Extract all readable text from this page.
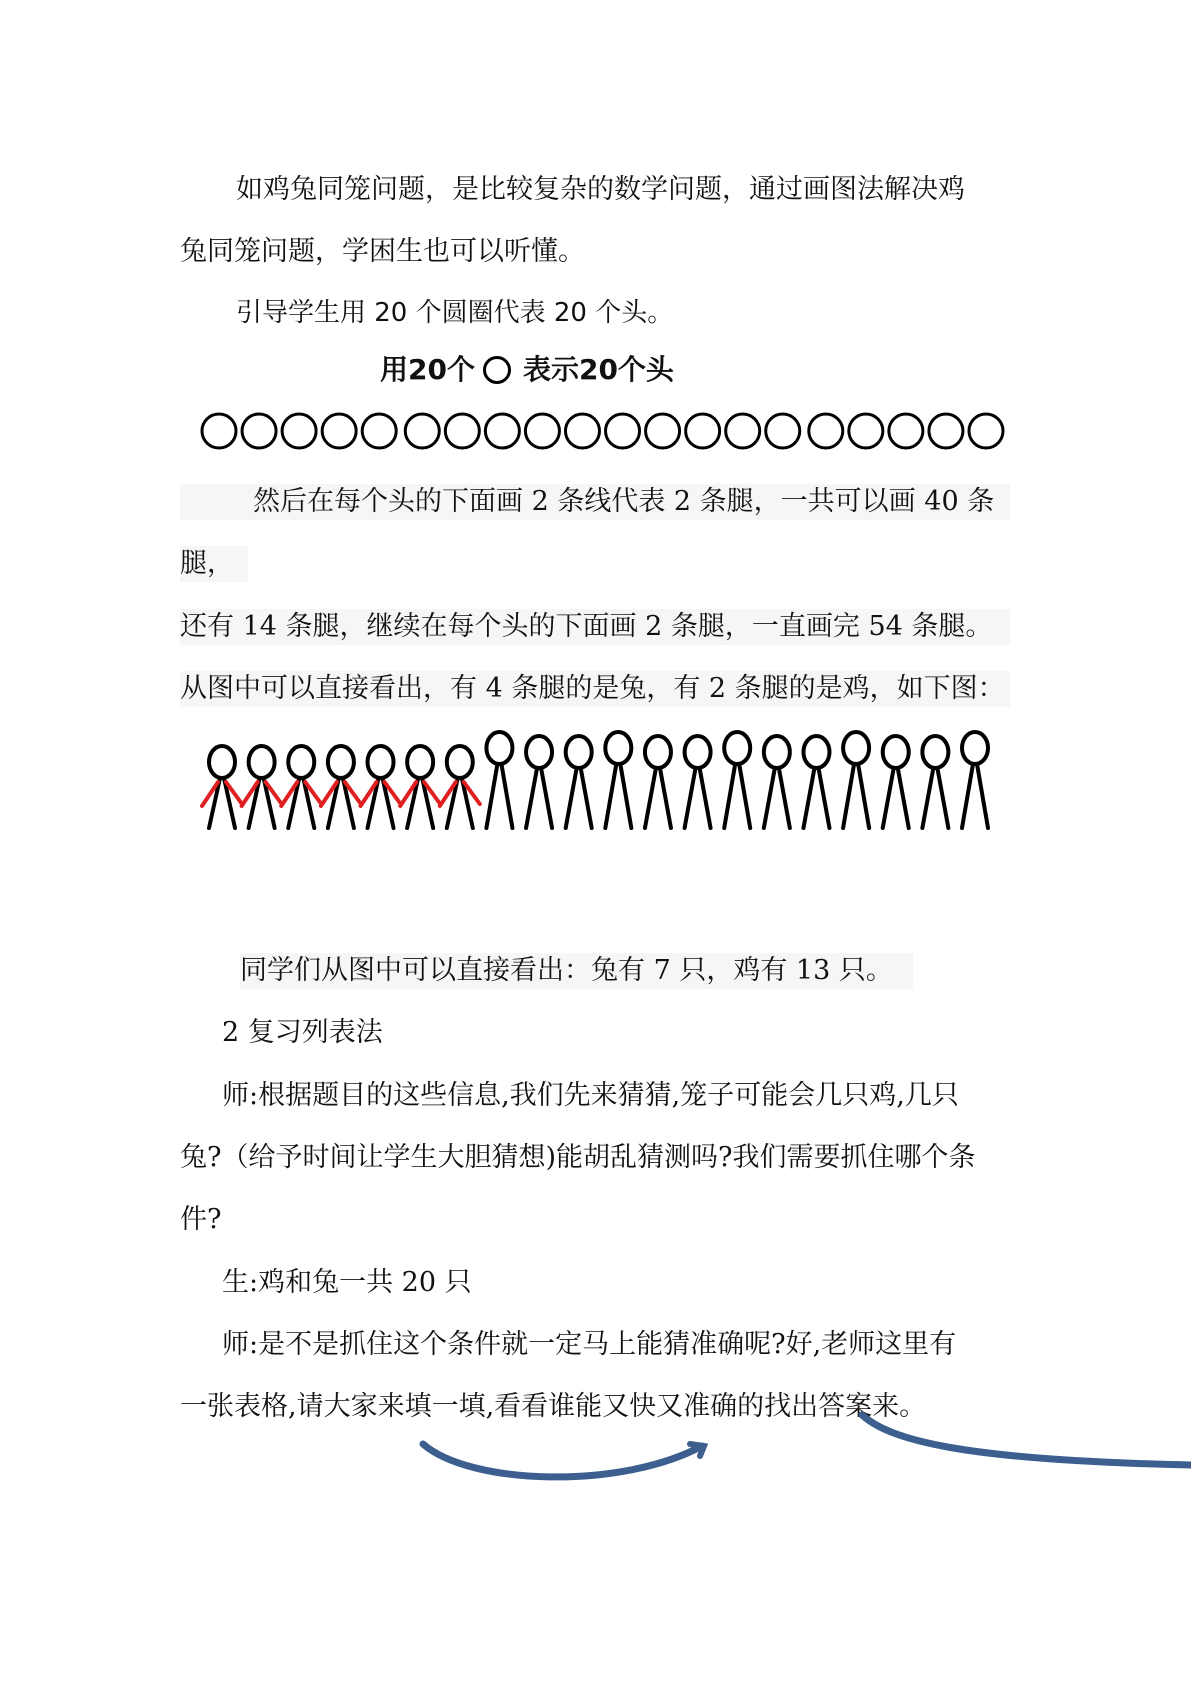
如鸡兔同笼问题，是比较复杂的数学问题，通过画图法解决鸡

兔同笼问题，学困生也可以听懂。

引导学生用 20 个圆圈代表 20 个头。

用20个 表示20个头

然后在每个头的下面画 2 条线代表 2 条腿，一共可以画 40 条

腿，

还有 14 条腿，继续在每个头的下面画 2 条腿，一直画完 54 条腿。

从图中可以直接看出，有 4 条腿的是兔，有 2 条腿的是鸡，如下图：

同学们从图中可以直接看出：兔有 7 只，鸡有 13 只。

2 复习列表法

师:根据题目的这些信息,我们先来猜猜,笼子可能会几只鸡,几只

兔?（给予时间让学生大胆猜想)能胡乱猜测吗?我们需要抓住哪个条

件?

生:鸡和兔一共 20 只

师:是不是抓住这个条件就一定马上能猜准确呢?好,老师这里有

一张表格,请大家来填一填,看看谁能又快又准确的找出答案来。
